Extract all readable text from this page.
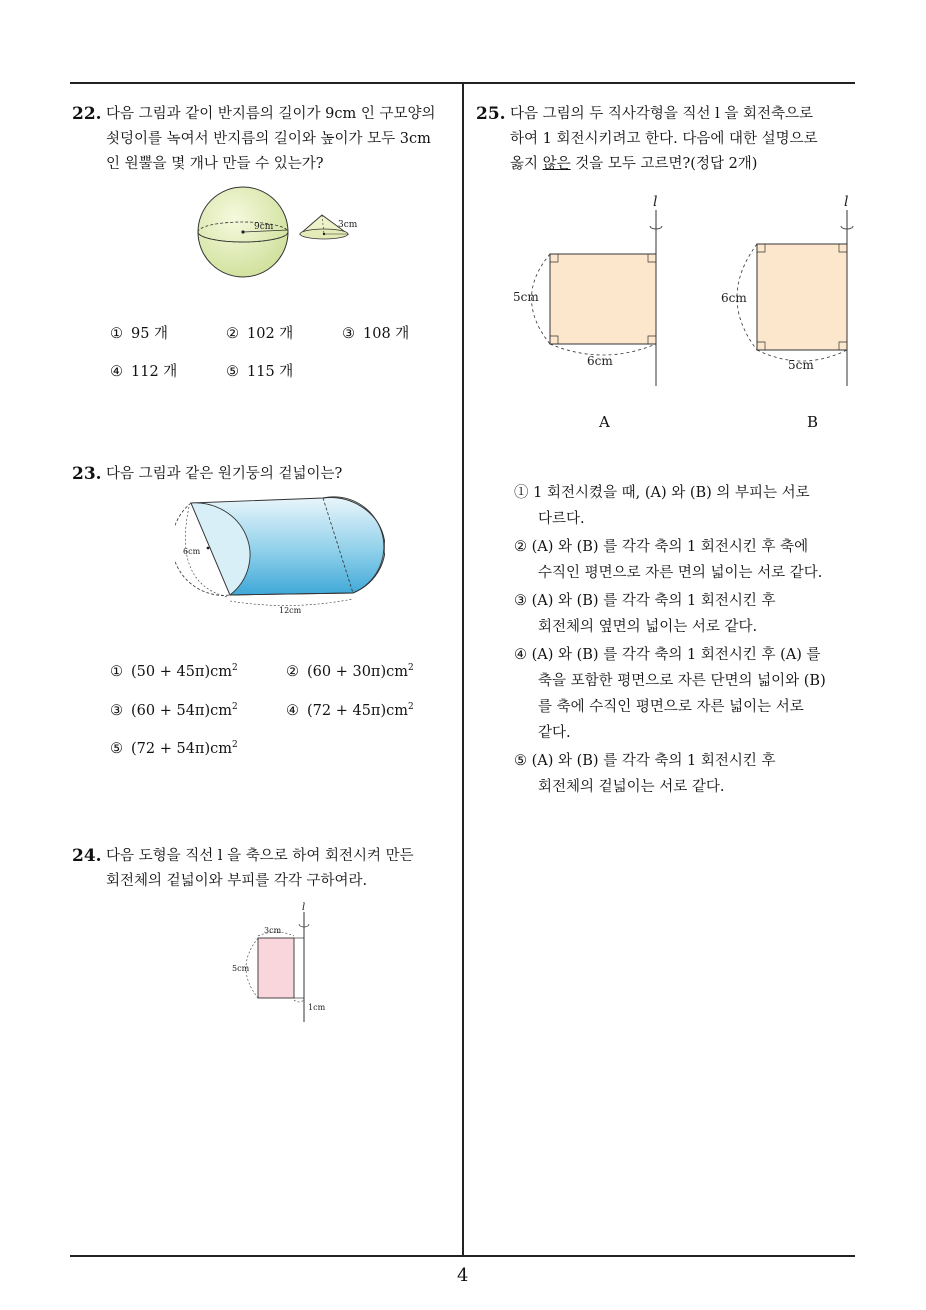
4
22. 다음 그림과 같이 반지름의 길이가 9cm 인 구모양의
쇳덩이를 녹여서 반지름의 길이와 높이가 모두 3cm
인 원뿔을 몇 개나 만들 수 있는가?
9cm	3cm
① 95 개	② 102 개	③ 108 개
④ 112 개	⑤ 115 개
23. 다음 그림과 같은 원기둥의 겉넓이는?
6cm
12cm
① $(50 + 45\pi)cm^2$	② $(60 + 30\pi)cm^2$
③ $(60 + 54\pi)cm^2$	④ $(72 + 45\pi)cm^2$
⑤ $(72 + 54\pi)cm^2$
24. 다음 도형을 직선 l 을 축으로 하여 회전시켜 만든
회전체의 겉넓이와 부피를 각각 구하여라.
l
3cm
5cm
1cm
25. 다음 그림의 두 직사각형을 직선 l 을 회전축으로
하여 1 회전시키려고 한다. 다음에 대한 설명으로
옳지 않은 것을 모두 고르면?(정답 2개)
l
5cm
6cm
l
6cm
5cm
A	B
① 1 회전시켰을 때, (A) 와 (B) 의 부피는 서로
다르다.
② (A) 와 (B) 를 각각 축의 1 회전시킨 후 축에
수직인 평면으로 자른 면의 넓이는 서로 같다.
③ (A) 와 (B) 를 각각 축의 1 회전시킨 후
회전체의 옆면의 넓이는 서로 같다.
④ (A) 와 (B) 를 각각 축의 1 회전시킨 후 (A) 를
축을 포함한 평면으로 자른 단면의 넓이와 (B)
를 축에 수직인 평면으로 자른 넓이는 서로
같다.
⑤ (A) 와 (B) 를 각각 축의 1 회전시킨 후
회전체의 겉넓이는 서로 같다.
